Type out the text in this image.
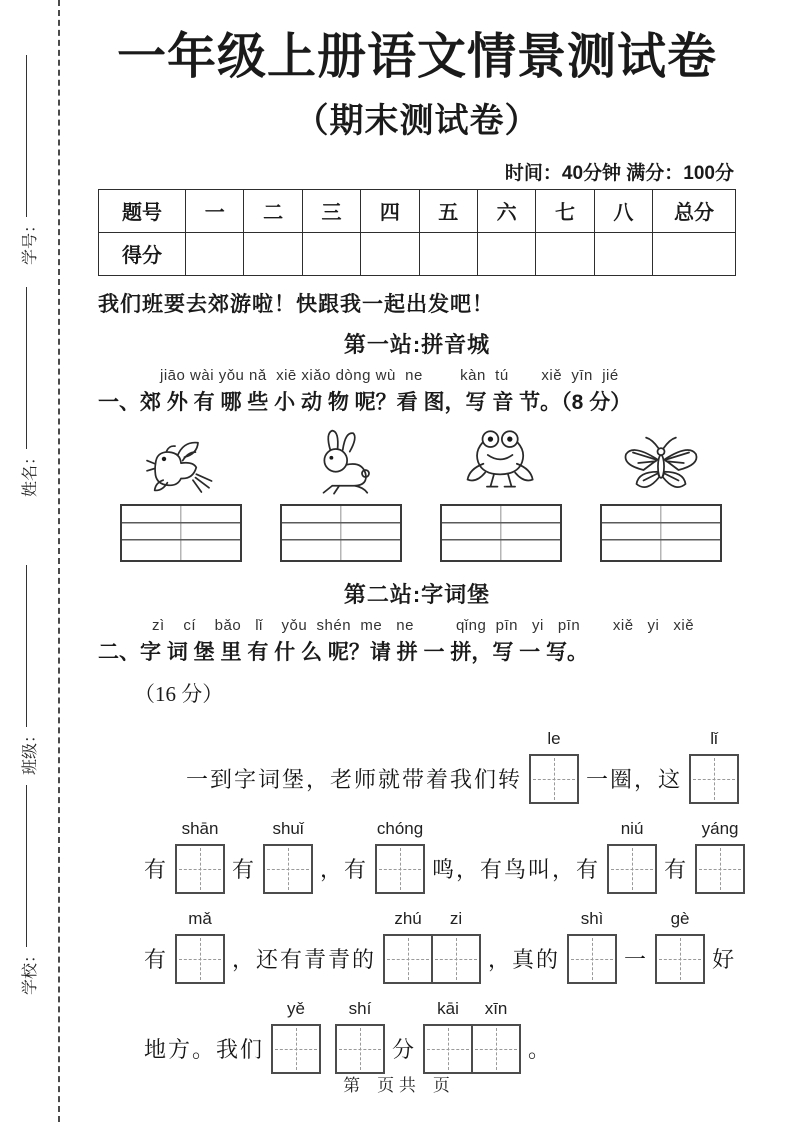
学号：
姓名：
班级：
学校：
一年级上册语文情景测试卷
（期末测试卷）
时间：40分钟 满分：100分
题号	一	二	三	四	五	六	七	八	总分
得分									

我们班要去郊游啦！快跟我一起出发吧！

第一站:拼音城
jiāo wài yǒu nǎ  xiē xiǎo dòng wù  ne        kàn  tú       xiě  yīn  jié
一、郊 外 有 哪 些 小 动 物 呢？看 图，写 音 节。（8 分）
第二站:字词堡
zì    cí    bǎo   lǐ    yǒu  shén  me   ne         qǐng  pīn   yi   pīn       xiě   yi   xiě
二、字 词 堡 里 有 什 么 呢？请 拼 一 拼，写 一 写。
（16 分）
一到字词堡，老师就带着我们转
le
一圈，这
lǐ
有
shān
有
shuǐ
，有
chóng
鸣，有鸟叫，有
niú
有
yáng
有
mǎ
，还有青青的
zhú zi
，真的
shì
一
gè
好
地方。我们
yě	shí
分
kāi xīn
。
第　页 共　页
